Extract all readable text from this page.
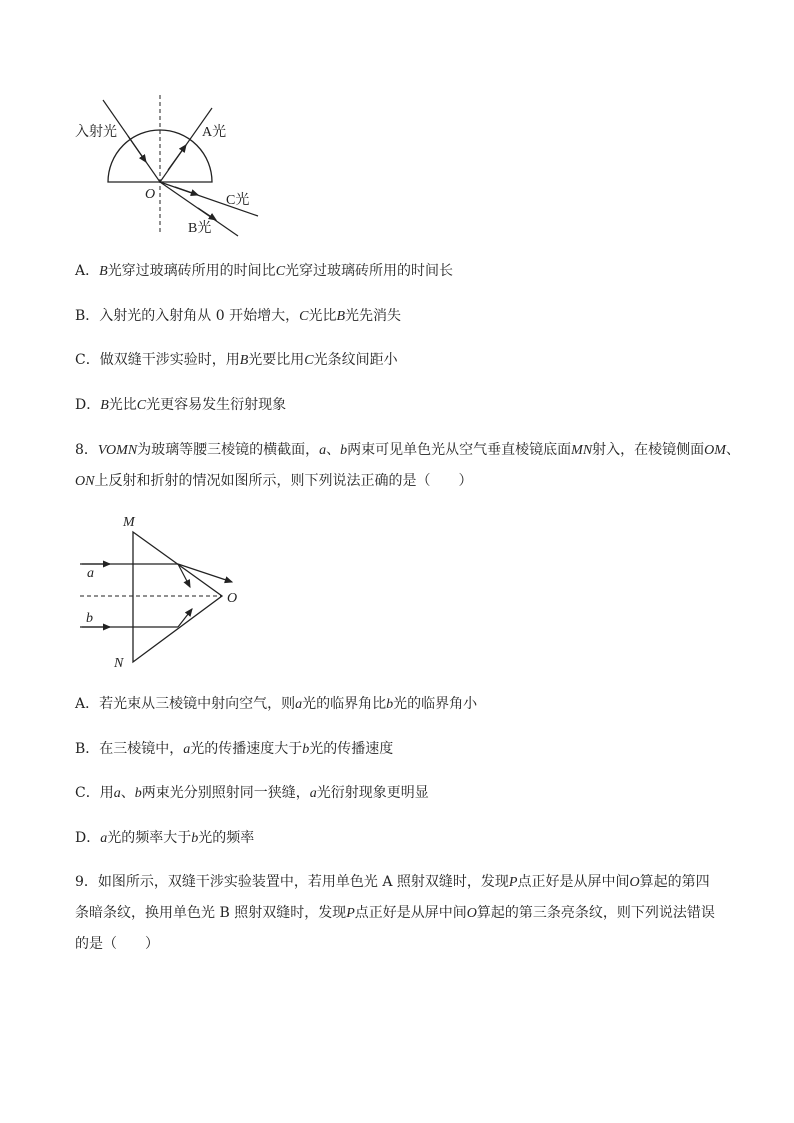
入射光	A光
O	C光
B光
A．B光穿过玻璃砖所用的时间比C光穿过玻璃砖所用的时间长
B．入射光的入射角从 0 开始增大，C光比B光先消失
C．做双缝干涉实验时，用B光要比用C光条纹间距小
D．B光比C光更容易发生衍射现象
8．VOMN为玻璃等腰三棱镜的横截面，a、b两束可见单色光从空气垂直棱镜底面MN射入，在棱镜侧面OM、
ON上反射和折射的情况如图所示，则下列说法正确的是（　　）
M
N
O
a
b
A．若光束从三棱镜中射向空气，则a光的临界角比b光的临界角小
B．在三棱镜中，a光的传播速度大于b光的传播速度
C．用a、b两束光分别照射同一狭缝，a光衍射现象更明显
D．a光的频率大于b光的频率
9．如图所示，双缝干涉实验装置中，若用单色光 A 照射双缝时，发现P点正好是从屏中间O算起的第四
条暗条纹，换用单色光 B 照射双缝时，发现P点正好是从屏中间O算起的第三条亮条纹，则下列说法错误
的是（　　）
